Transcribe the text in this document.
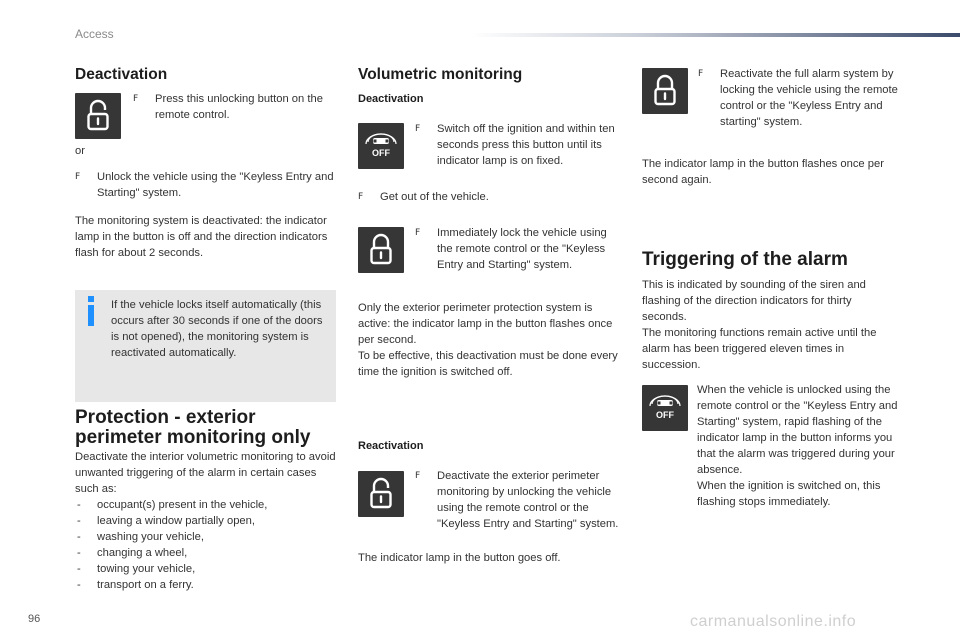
Access
Deactivation
F	Press this unlocking button on the remote control.
or
F	Unlock the vehicle using the "Keyless Entry and Starting" system.
The monitoring system is deactivated: the indicator lamp in the button is off and the direction indicators flash for about 2 seconds.
If the vehicle locks itself automatically (this occurs after 30 seconds if one of the doors is not opened), the monitoring system is reactivated automatically.
Protection - exterior
perimeter monitoring only
Deactivate the interior volumetric monitoring to avoid unwanted triggering of the alarm in certain cases such as:
- occupant(s) present in the vehicle,
- leaving a window partially open,
- washing your vehicle,
- changing a wheel,
- towing your vehicle,
- transport on a ferry.
Volumetric monitoring
Deactivation
OFF
F	Switch off the ignition and within ten seconds press this button until its indicator lamp is on fixed.
F	Get out of the vehicle.
F	Immediately lock the vehicle using the remote control or the "Keyless Entry and Starting" system.
Only the exterior perimeter protection system is active: the indicator lamp in the button flashes once per second.
To be effective, this deactivation must be done every time the ignition is switched off.
Reactivation
F	Deactivate the exterior perimeter monitoring by unlocking the vehicle using the remote control or the "Keyless Entry and Starting" system.
The indicator lamp in the button goes off.
F	Reactivate the full alarm system by locking the vehicle using the remote control or the "Keyless Entry and starting" system.
The indicator lamp in the button flashes once per second again.
Triggering of the alarm
This is indicated by sounding of the siren and flashing of the direction indicators for thirty seconds.
The monitoring functions remain active until the alarm has been triggered eleven times in succession.
OFF
When the vehicle is unlocked using the remote control or the "Keyless Entry and Starting" system, rapid flashing of the indicator lamp in the button informs you that the alarm was triggered during your absence.
When the ignition is switched on, this flashing stops immediately.
96	carmanualsonline.info
